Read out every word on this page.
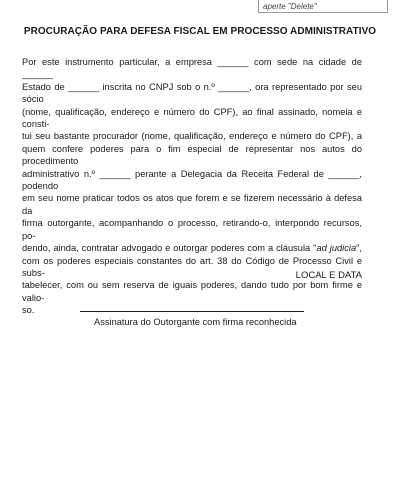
aperte "Delete"
PROCURAÇÃO PARA DEFESA FISCAL EM PROCESSO ADMINISTRATIVO
Por este instrumento particular, a empresa ______ com sede na cidade de ______
Estado de ______ inscrita no CNPJ sob o n.º ______, ora representado por seu sócio
(nome, qualificação, endereço e número do CPF), ao final assinado, nomeia e consti-
tui seu bastante procurador (nome, qualificação, endereço e número do CPF), a
quem confere poderes para o fim especial de representar nos autos do procedimento
administrativo n.º ______ perante a Delegacia da Receita Federal de ______, podendo
em seu nome praticar todos os atos que forem e se fizerem necessário à defesa da
firma outorgante, acompanhando o processo, retirando-o, interpondo recursos, po-
dendo, ainda, contratar advogado e outorgar poderes com a cláusula "ad judicia",
com os poderes especiais constantes do art. 38 do Código de Processo Civil e subs-
tabelecer, com ou sem reserva de iguais poderes, dando tudo por bom firme e valio-
so.

LOCAL E DATA

Assinatura do Outorgante com firma reconhecida
